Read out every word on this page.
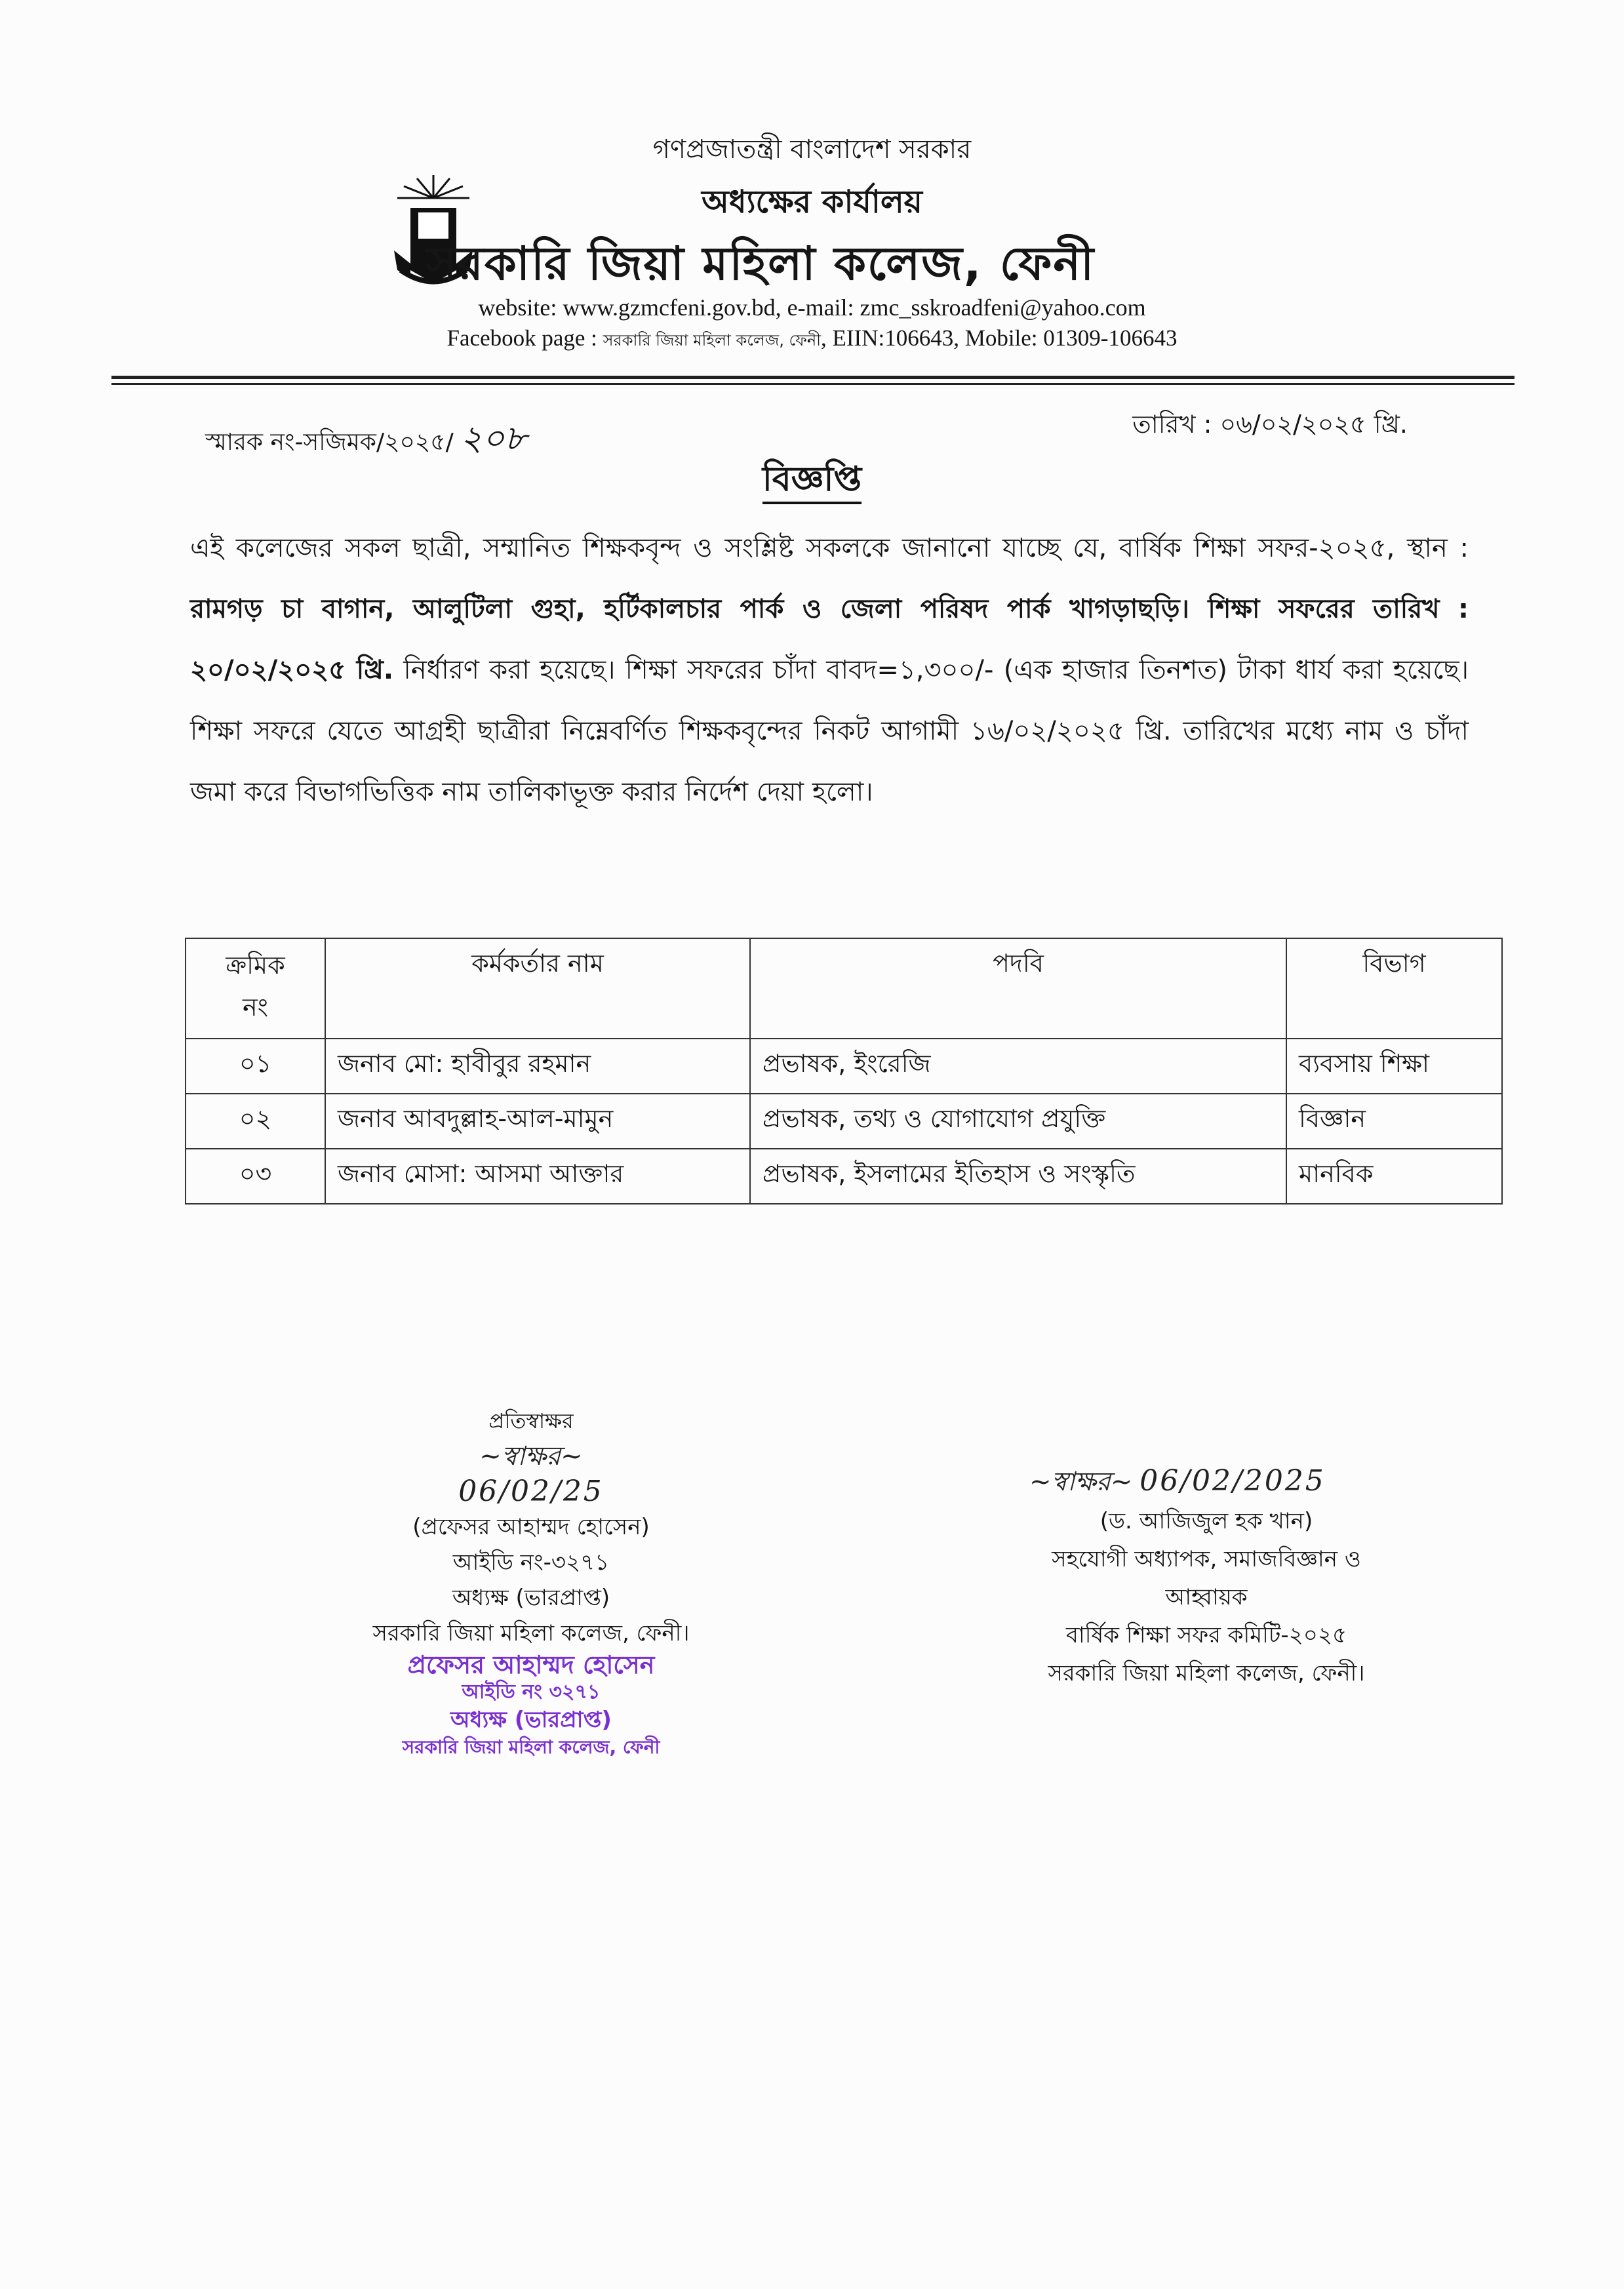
গণপ্রজাতন্ত্রী বাংলাদেশ সরকার
অধ্যক্ষের কার্যালয়
সরকারি জিয়া মহিলা কলেজ, ফেনী
website: www.gzmcfeni.gov.bd, e-mail: zmc_sskroadfeni@yahoo.com
Facebook page : সরকারি জিয়া মহিলা কলেজ, ফেনী, EIIN:106643, Mobile: 01309-106643
স্মারক নং-সজিমক/২০২৫/ ২০৮	তারিখ : ০৬/০২/২০২৫ খ্রি.
বিজ্ঞপ্তি
এই কলেজের সকল ছাত্রী, সম্মানিত শিক্ষকবৃন্দ ও সংশ্লিষ্ট সকলকে জানানো যাচ্ছে যে, বার্ষিক শিক্ষা সফর-২০২৫, স্থান : রামগড় চা বাগান, আলুটিলা গুহা, হর্টিকালচার পার্ক ও জেলা পরিষদ পার্ক খাগড়াছড়ি। শিক্ষা সফরের তারিখ : ২০/০২/২০২৫ খ্রি. নির্ধারণ করা হয়েছে। শিক্ষা সফরের চাঁদা বাবদ=১,৩০০/- (এক হাজার তিনশত) টাকা ধার্য করা হয়েছে। শিক্ষা সফরে যেতে আগ্রহী ছাত্রীরা নিম্নেবর্ণিত শিক্ষকবৃন্দের নিকট আগামী ১৬/০২/২০২৫ খ্রি. তারিখের মধ্যে নাম ও চাঁদা জমা করে বিভাগভিত্তিক নাম তালিকাভূক্ত করার নির্দেশ দেয়া হলো।
ক্রমিক
নং	কর্মকর্তার নাম	পদবি	বিভাগ
০১	জনাব মো: হাবীবুর রহমান	প্রভাষক, ইংরেজি	ব্যবসায় শিক্ষা
০২	জনাব আবদুল্লাহ-আল-মামুন	প্রভাষক, তথ্য ও যোগাযোগ প্রযুক্তি	বিজ্ঞান
০৩	জনাব মোসা: আসমা আক্তার	প্রভাষক, ইসলামের ইতিহাস ও সংস্কৃতি	মানবিক
প্রতিস্বাক্ষর
~স্বাক্ষর~
06/02/25
(প্রফেসর আহাম্মদ হোসেন)
আইডি নং-৩২৭১
অধ্যক্ষ (ভারপ্রাপ্ত)
সরকারি জিয়া মহিলা কলেজ, ফেনী।
প্রফেসর আহাম্মদ হোসেন
আইডি নং ৩২৭১
অধ্যক্ষ (ভারপ্রাপ্ত)
সরকারি জিয়া মহিলা কলেজ, ফেনী
~স্বাক্ষর~ 06/02/2025
(ড. আজিজুল হক খান)
সহযোগী অধ্যাপক, সমাজবিজ্ঞান ও
আহ্বায়ক
বার্ষিক শিক্ষা সফর কমিটি-২০২৫
সরকারি জিয়া মহিলা কলেজ, ফেনী।
